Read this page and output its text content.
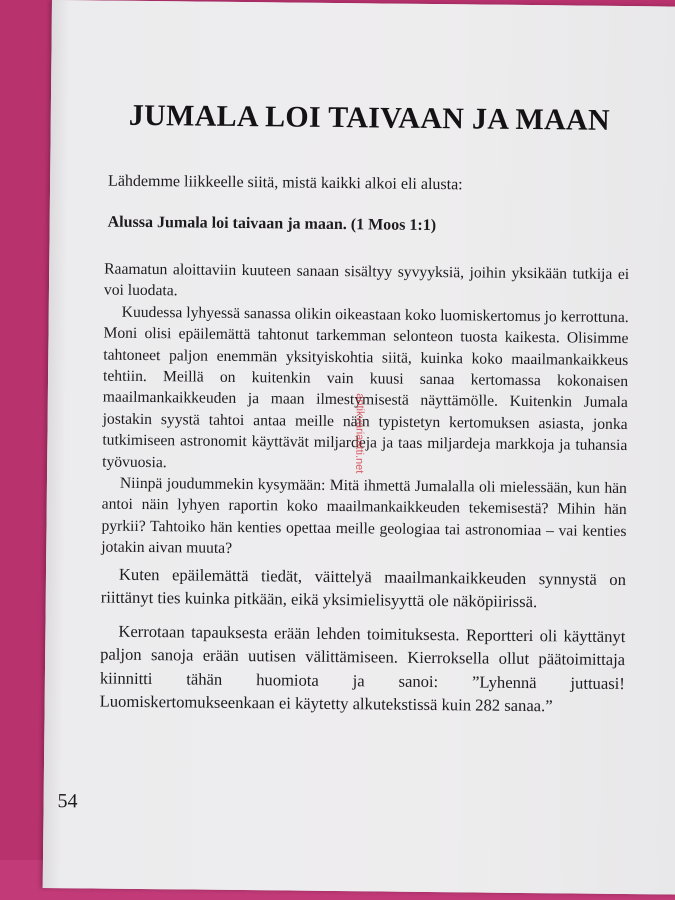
JUMALA LOI TAIVAAN JA MAAN
Lähdemme liikkeelle siitä, mistä kaikki alkoi eli alusta:
Alussa Jumala loi taivaan ja maan. (1 Moos 1:1)

Raamatun aloittaviin kuuteen sanaan sisältyy syvyyksiä, joihin yksikään tutkija ei voi luodata.

Kuudessa lyhyessä sanassa olikin oikeastaan koko luomiskertomus jo kerrottuna. Moni olisi epäilemättä tahtonut tarkemman selonteon tuosta kaikesta. Olisimme tahtoneet paljon enemmän yksityiskohtia siitä, kuinka koko maailmankaikkeus tehtiin. Meillä on kuitenkin vain kuusi sanaa kertomassa kokonaisen maailmankaikkeuden ja maan ilmestymisestä näyttämölle. Kuitenkin Jumala jostakin syystä tahtoi antaa meille näin typistetyn kertomuksen asiasta, jonka tutkimiseen astronomit käyttävät miljardeja ja taas miljardeja markkoja ja tuhansia työvuosia.

Niinpä joudummekin kysymään: Mitä ihmettä Jumalalla oli mielessään, kun hän antoi näin lyhyen raportin koko maailmankaikkeuden tekemisestä? Mihin hän pyrkii? Tahtoiko hän kenties opettaa meille geologiaa tai astronomiaa – vai kenties jotakin aivan muuta?

Kuten epäilemättä tiedät, väittelyä maailmankaikkeuden synnystä on riittänyt ties kuinka pitkään, eikä yksimielisyyttä ole näköpiirissä.

Kerrotaan tapauksesta erään lehden toimituksesta. Reportteri oli käyttänyt paljon sanoja erään uutisen välittämiseen. Kierroksella ollut päätoimittaja kiinnitti tähän huomiota ja sanoi: ”Lyhennä juttuasi! Luomiskertomukseenkaan ei käytetty alkutekstissä kuin 282 sanaa.”

antikvariaatti.net
54
